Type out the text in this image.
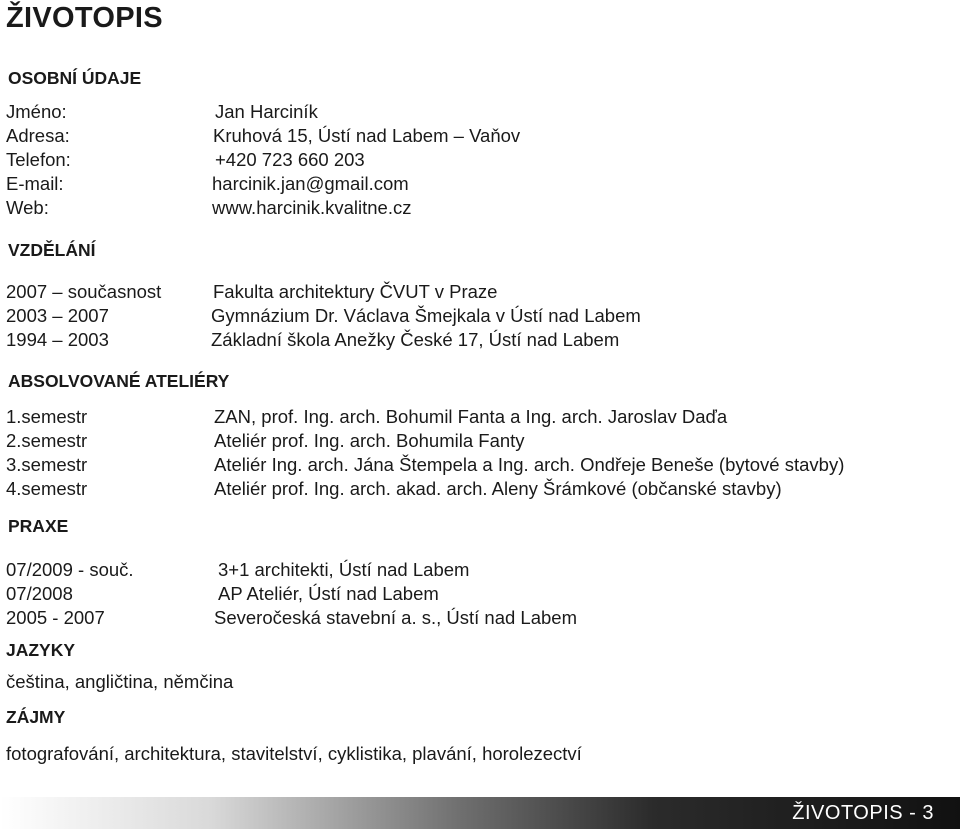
ŽIVOTOPIS
OSOBNÍ ÚDAJE
Jméno:	Jan Harciník
Adresa:	Kruhová 15, Ústí nad Labem – Vaňov
Telefon:	+420 723 660 203
E-mail:	harcinik.jan@gmail.com
Web:	www.harcinik.kvalitne.cz
VZDĚLÁNÍ
2007 – současnost	Fakulta architektury ČVUT v Praze
2003 – 2007	Gymnázium Dr. Václava Šmejkala v Ústí nad Labem
1994 – 2003	Základní škola Anežky České 17, Ústí nad Labem
ABSOLVOVANÉ ATELIÉRY
1.semestr	ZAN, prof. Ing. arch. Bohumil Fanta a Ing. arch. Jaroslav Daďa
2.semestr	Ateliér prof. Ing. arch. Bohumila Fanty
3.semestr	Ateliér Ing. arch. Jána Štempela a Ing. arch. Ondřeje Beneše (bytové stavby)
4.semestr	Ateliér prof. Ing. arch. akad. arch. Aleny Šrámkové (občanské stavby)
PRAXE
07/2009 - souč.	3+1 architekti, Ústí nad Labem
07/2008	AP Ateliér, Ústí nad Labem
2005 - 2007	Severočeská stavební a. s., Ústí nad Labem
JAZYKY
čeština, angličtina, němčina
ZÁJMY
fotografování, architektura, stavitelství, cyklistika, plavání, horolezectví
ŽIVOTOPIS - 3
